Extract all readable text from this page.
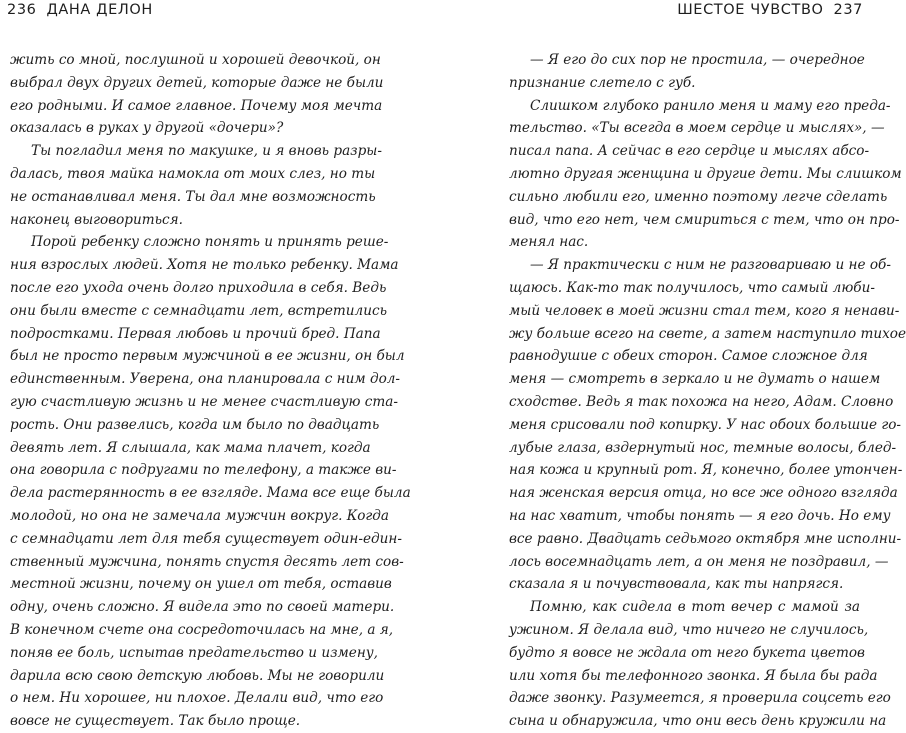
236 ДАНА ДЕЛОН
жить со мной, послушной и хорошей девочкой, он
выбрал двух других детей, которые даже не были
его родными. И самое главное. Почему моя мечта
оказалась в руках у другой «дочери»?
Ты погладил меня по макушке, и я вновь разры-
далась, твоя майка намокла от моих слез, но ты
не останавливал меня. Ты дал мне возможность
наконец выговориться.
Порой ребенку сложно понять и принять реше-
ния взрослых людей. Хотя не только ребенку. Мама
после его ухода очень долго приходила в себя. Ведь
они были вместе с семнадцати лет, встретились
подростками. Первая любовь и прочий бред. Папа
был не просто первым мужчиной в ее жизни, он был
единственным. Уверена, она планировала с ним дол-
гую счастливую жизнь и не менее счастливую ста-
рость. Они развелись, когда им было по двадцать
девять лет. Я слышала, как мама плачет, когда
она говорила с подругами по телефону, а также ви-
дела растерянность в ее взгляде. Мама все еще была
молодой, но она не замечала мужчин вокруг. Когда
с семнадцати лет для тебя существует один-един-
ственный мужчина, понять спустя десять лет сов-
местной жизни, почему он ушел от тебя, оставив
одну, очень сложно. Я видела это по своей матери.
В конечном счете она сосредоточилась на мне, а я,
поняв ее боль, испытав предательство и измену,
дарила всю свою детскую любовь. Мы не говорили
о нем. Ни хорошее, ни плохое. Делали вид, что его
вовсе не существует. Так было проще.
ШЕСТОЕ ЧУВСТВО 237
— Я его до сих пор не простила, — очередное
признание слетело с губ.
Слишком глубоко ранило меня и маму его преда-
тельство. «Ты всегда в моем сердце и мыслях», —
писал папа. А сейчас в его сердце и мыслях абсо-
лютно другая женщина и другие дети. Мы слишком
сильно любили его, именно поэтому легче сделать
вид, что его нет, чем смириться с тем, что он про-
менял нас.
— Я практически с ним не разговариваю и не об-
щаюсь. Как-то так получилось, что самый люби-
мый человек в моей жизни стал тем, кого я ненави-
жу больше всего на свете, а затем наступило тихое
равнодушие с обеих сторон. Самое сложное для
меня — смотреть в зеркало и не думать о нашем
сходстве. Ведь я так похожа на него, Адам. Словно
меня срисовали под копирку. У нас обоих большие го-
лубые глаза, вздернутый нос, темные волосы, блед-
ная кожа и крупный рот. Я, конечно, более утончен-
ная женская версия отца, но все же одного взгляда
на нас хватит, чтобы понять — я его дочь. Но ему
все равно. Двадцать седьмого октября мне исполни-
лось восемнадцать лет, а он меня не поздравил, —
сказала я и почувствовала, как ты напрягся.
Помню, как сидела в тот вечер с мамой за
ужином. Я делала вид, что ничего не случилось,
будто я вовсе не ждала от него букета цветов
или хотя бы телефонного звонка. Я была бы рада
даже звонку. Разумеется, я проверила соцсеть его
сына и обнаружила, что они весь день кружили на
